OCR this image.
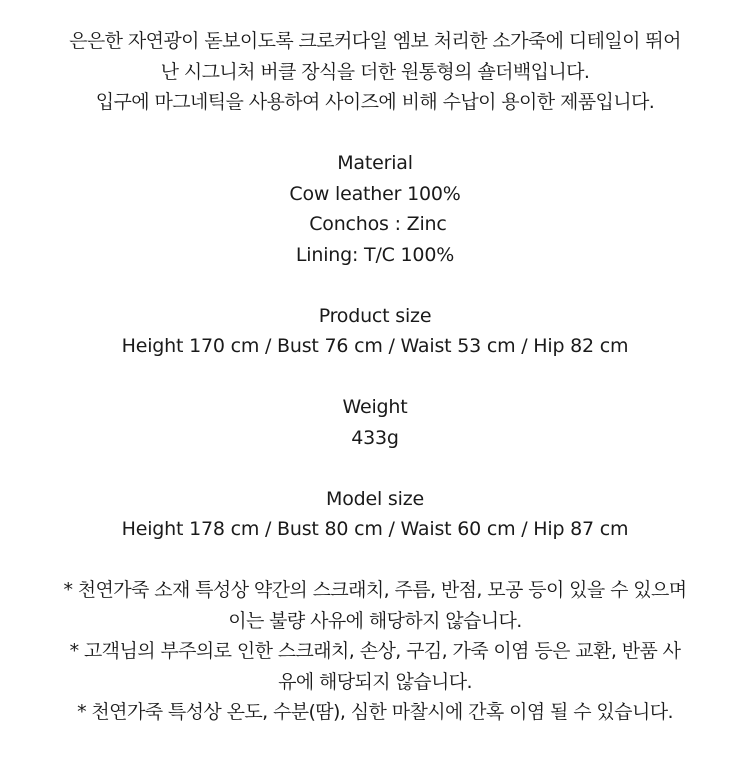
은은한 자연광이 돋보이도록 크로커다일 엠보 처리한 소가죽에 디테일이 뛰어

난 시그니처 버클 장식을 더한 원통형의 숄더백입니다.

입구에 마그네틱을 사용하여 사이즈에 비해 수납이 용이한 제품입니다.

Material

Cow leather 100%

Conchos : Zinc

Lining: T/C 100%

Product size

Height 170 cm / Bust 76 cm / Waist 53 cm / Hip 82 cm

Weight

433g

Model size

Height 178 cm / Bust 80 cm / Waist 60 cm / Hip 87 cm

* 천연가죽 소재 특성상 약간의 스크래치, 주름, 반점, 모공 등이 있을 수 있으며

이는 불량 사유에 해당하지 않습니다.

* 고객님의 부주의로 인한 스크래치, 손상, 구김, 가죽 이염 등은 교환, 반품 사

유에 해당되지 않습니다.

* 천연가죽 특성상 온도, 수분(땀), 심한 마찰시에 간혹 이염 될 수 있습니다.
